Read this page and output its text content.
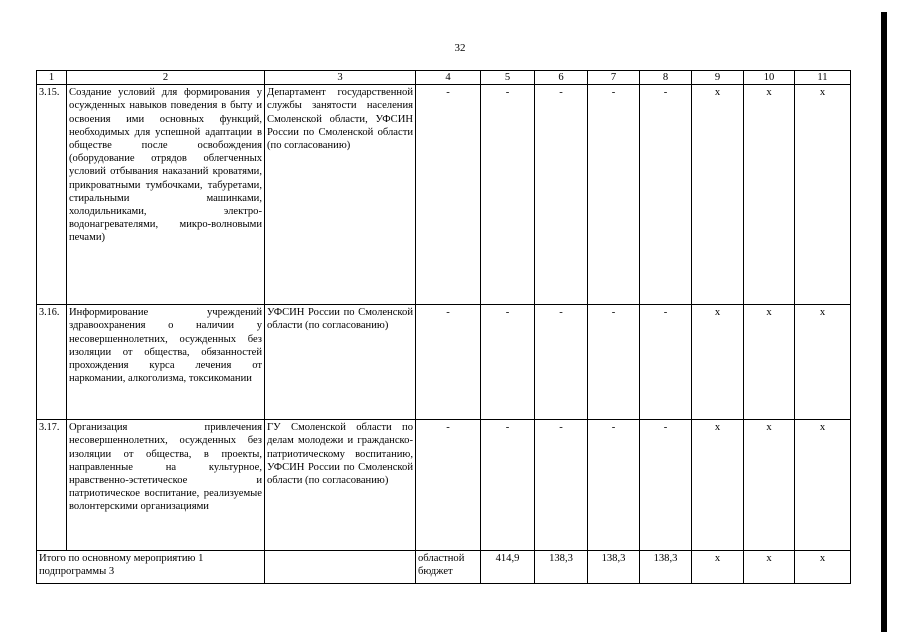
32
1	2	3	4	5	6	7	8	9	10	11
3.15.	Создание условий для формирования у осужденных навыков поведения в быту и освоения ими основных функций, необходимых для успешной адаптации в обществе после освобождения (оборудование отрядов облегченных условий отбывания наказаний кроватями, прикроватными тумбочками, табуретами, стиральными машинками, холодильниками, электро-водонагревателями, микро-волновыми печами)	Департамент государственной службы занятости населения Смоленской области, УФСИН России по Смоленской области (по согласованию)	-	-	-	-	-	х	х	х
3.16.	Информирование учреждений здравоохранения о наличии у несовершеннолетних, осужденных без изоляции от общества, обязанностей прохождения курса лечения от наркомании, алкоголизма, токсикомании	УФСИН России по Смоленской области (по согласованию)	-	-	-	-	-	х	х	х
3.17.	Организация привлечения несовершеннолетних, осужденных без изоляции от общества, в проекты, направленные на культурное, нравственно-эстетическое и патриотическое воспитание, реализуемые волонтерскими организациями	ГУ Смоленской области по делам молодежи и гражданско-патриотическому воспитанию, УФСИН России по Смоленской области (по согласованию)	-	-	-	-	-	х	х	х
Итого по основному мероприятию 1 подпрограммы 3			областной бюджет	414,9	138,3	138,3	138,3	х	х	х
